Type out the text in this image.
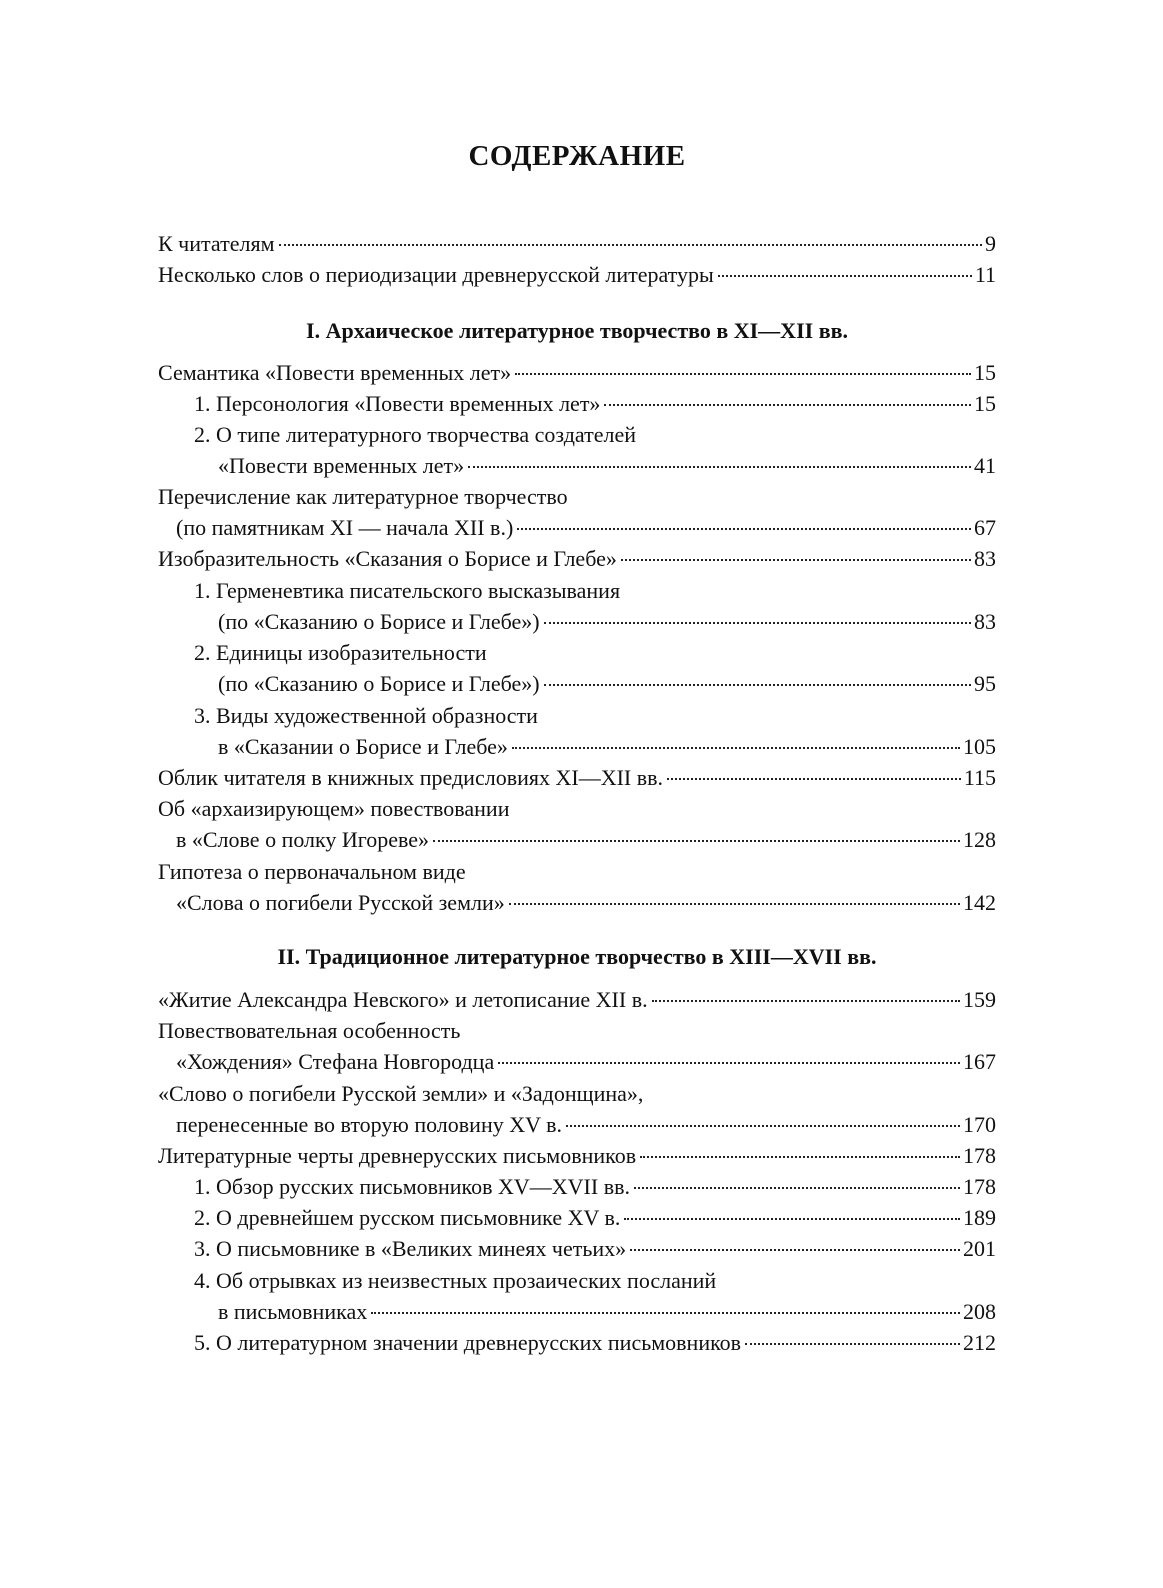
СОДЕРЖАНИЕ
К читателям	9
Несколько слов о периодизации древнерусской литературы	11
I. Архаическое литературное творчество в XI—XII вв.
Семантика «Повести временных лет»	15
1. Персонология «Повести временных лет»	15
2. О типе литературного творчества создателей
«Повести временных лет»	41
Перечисление как литературное творчество
(по памятникам XI — начала XII в.)	67
Изобразительность «Сказания о Борисе и Глебе»	83
1. Герменевтика писательского высказывания
(по «Сказанию о Борисе и Глебе»)	83
2. Единицы изобразительности
(по «Сказанию о Борисе и Глебе»)	95
3. Виды художественной образности
в «Сказании о Борисе и Глебе»	105
Облик читателя в книжных предисловиях XI—XII вв.	115
Об «архаизирующем» повествовании
в «Слове о полку Игореве»	128
Гипотеза о первоначальном виде
«Слова о погибели Русской земли»	142
II. Традиционное литературное творчество в XIII—XVII вв.
«Житие Александра Невского» и летописание XII в.	159
Повествовательная особенность
«Хождения» Стефана Новгородца	167
«Слово о погибели Русской земли» и «Задонщина»,
перенесенные во вторую половину XV в.	170
Литературные черты древнерусских письмовников	178
1. Обзор русских письмовников XV—XVII вв.	178
2. О древнейшем русском письмовнике XV в.	189
3. О письмовнике в «Великих минеях четьих»	201
4. Об отрывках из неизвестных прозаических посланий
в письмовниках	208
5. О литературном значении древнерусских письмовников	212
